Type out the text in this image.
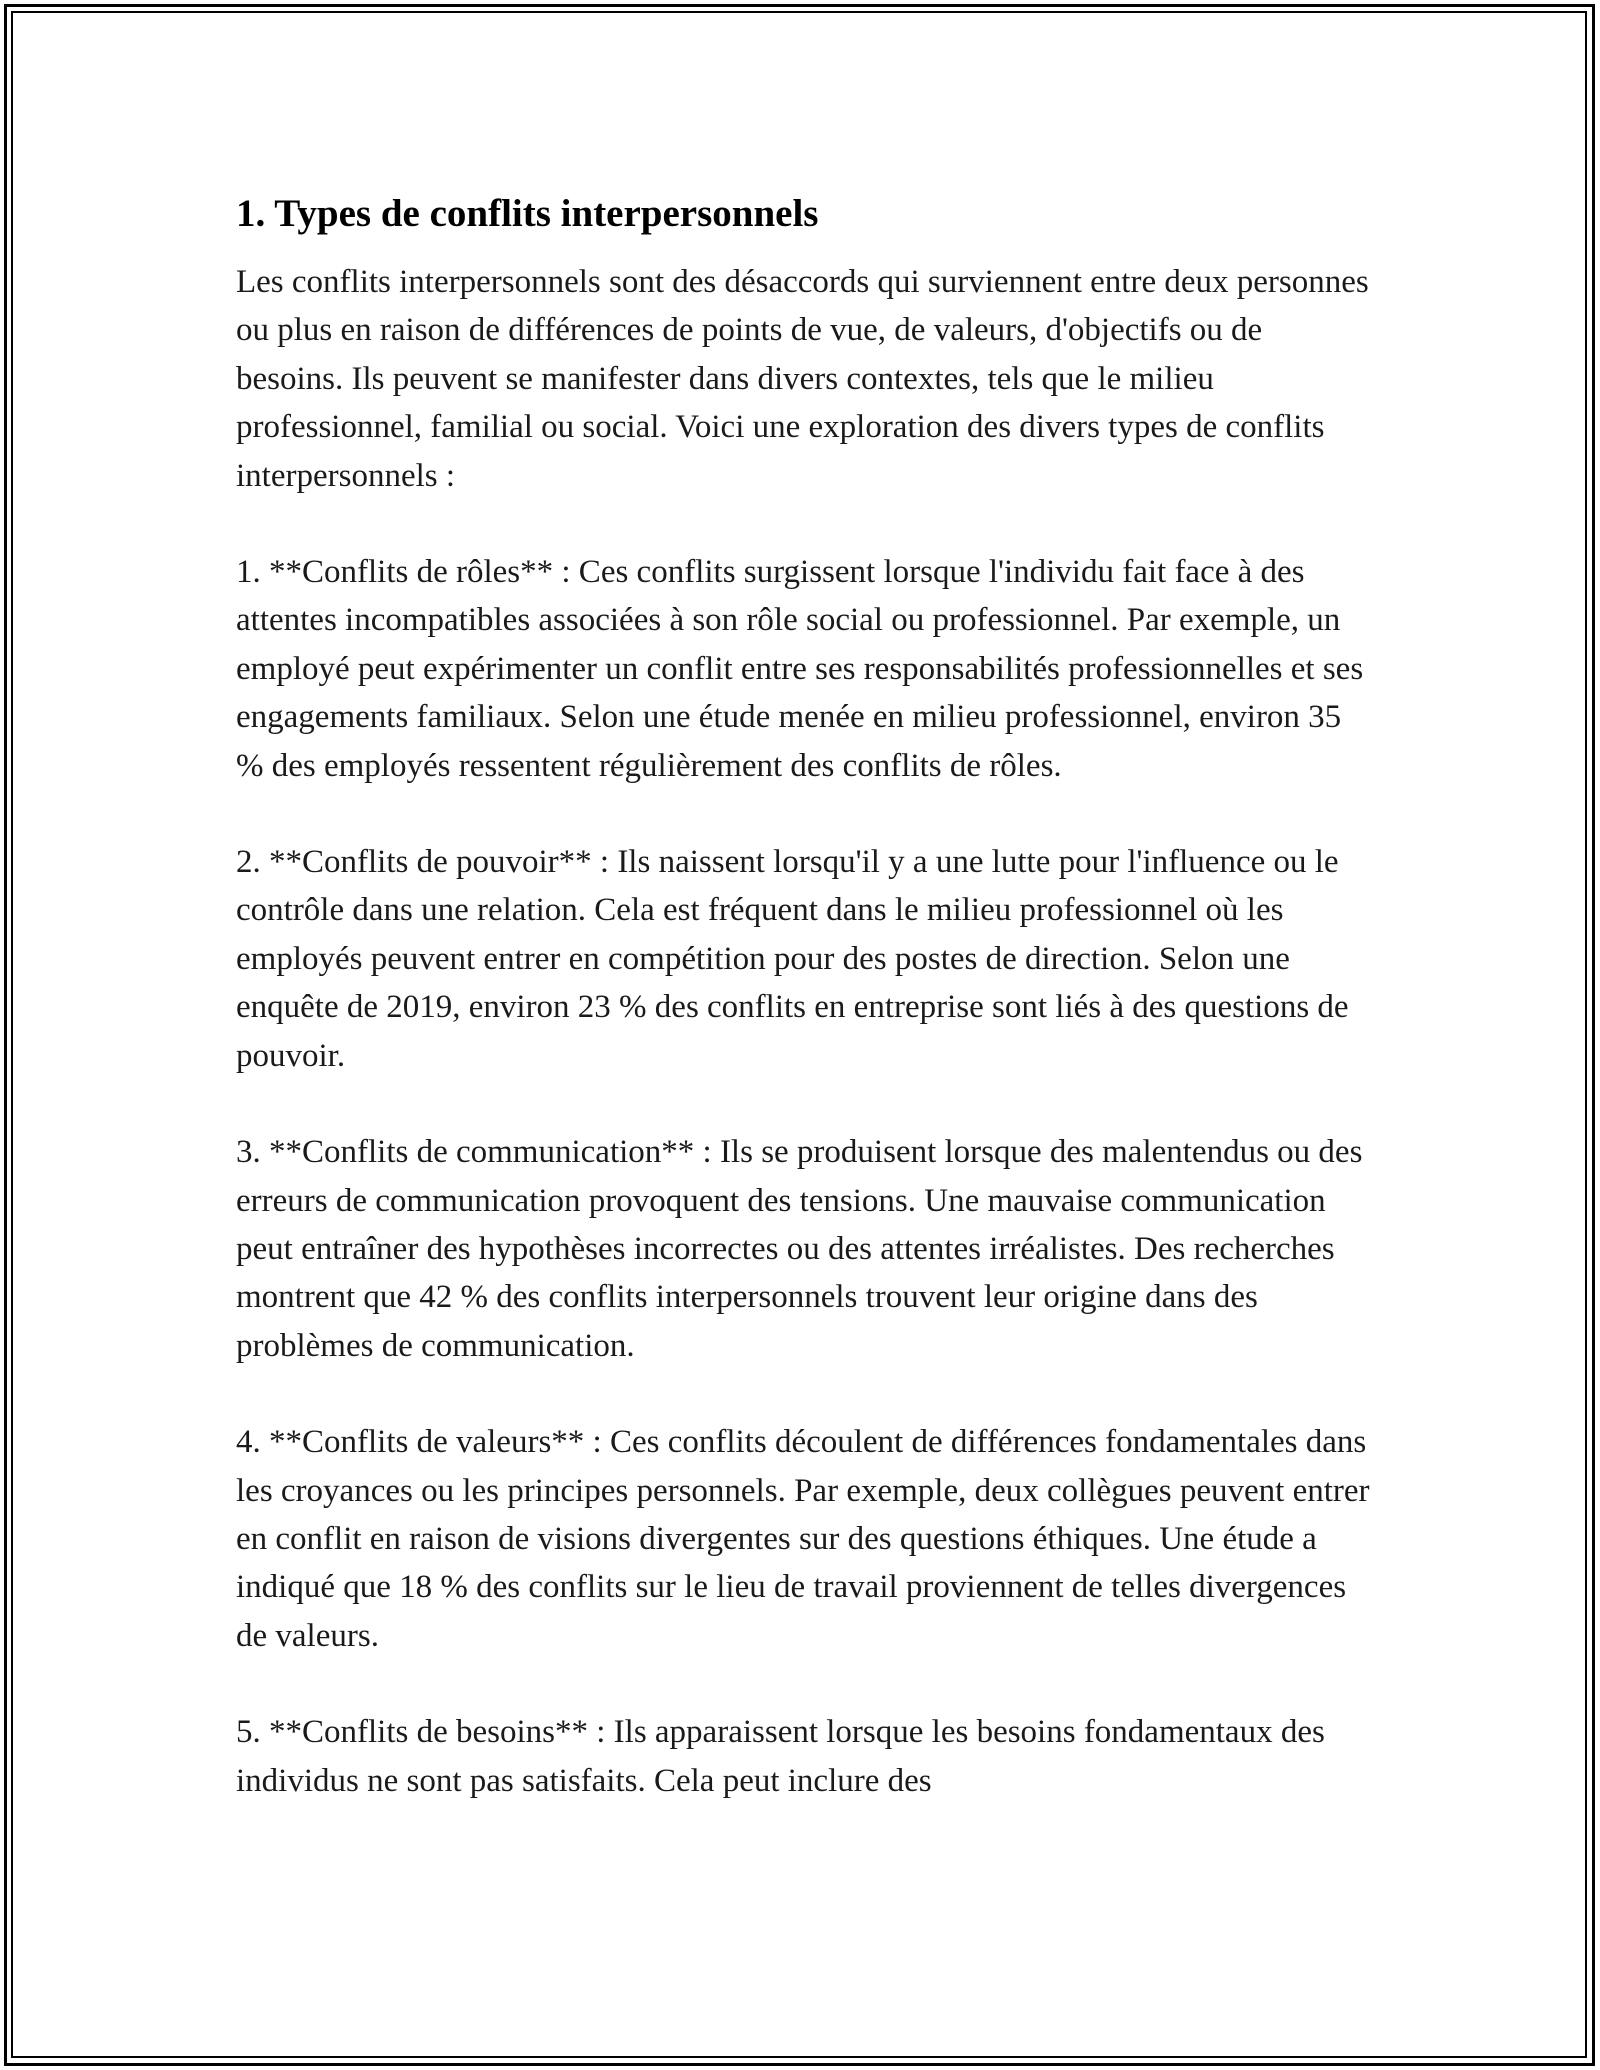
1. Types de conflits interpersonnels

Les conflits interpersonnels sont des désaccords qui surviennent entre deux personnes ou plus en raison de différences de points de vue, de valeurs, d'objectifs ou de besoins. Ils peuvent se manifester dans divers contextes, tels que le milieu professionnel, familial ou social. Voici une exploration des divers types de conflits interpersonnels :

1. **Conflits de rôles** : Ces conflits surgissent lorsque l'individu fait face à des attentes incompatibles associées à son rôle social ou professionnel. Par exemple, un employé peut expérimenter un conflit entre ses responsabilités professionnelles et ses engagements familiaux. Selon une étude menée en milieu professionnel, environ 35 % des employés ressentent régulièrement des conflits de rôles.

2. **Conflits de pouvoir** : Ils naissent lorsqu'il y a une lutte pour l'influence ou le contrôle dans une relation. Cela est fréquent dans le milieu professionnel où les employés peuvent entrer en compétition pour des postes de direction. Selon une enquête de 2019, environ 23 % des conflits en entreprise sont liés à des questions de pouvoir.

3. **Conflits de communication** : Ils se produisent lorsque des malentendus ou des erreurs de communication provoquent des tensions. Une mauvaise communication peut entraîner des hypothèses incorrectes ou des attentes irréalistes. Des recherches montrent que 42 % des conflits interpersonnels trouvent leur origine dans des problèmes de communication.

4. **Conflits de valeurs** : Ces conflits découlent de différences fondamentales dans les croyances ou les principes personnels. Par exemple, deux collègues peuvent entrer en conflit en raison de visions divergentes sur des questions éthiques. Une étude a indiqué que 18 % des conflits sur le lieu de travail proviennent de telles divergences de valeurs.

5. **Conflits de besoins** : Ils apparaissent lorsque les besoins fondamentaux des individus ne sont pas satisfaits. Cela peut inclure des
